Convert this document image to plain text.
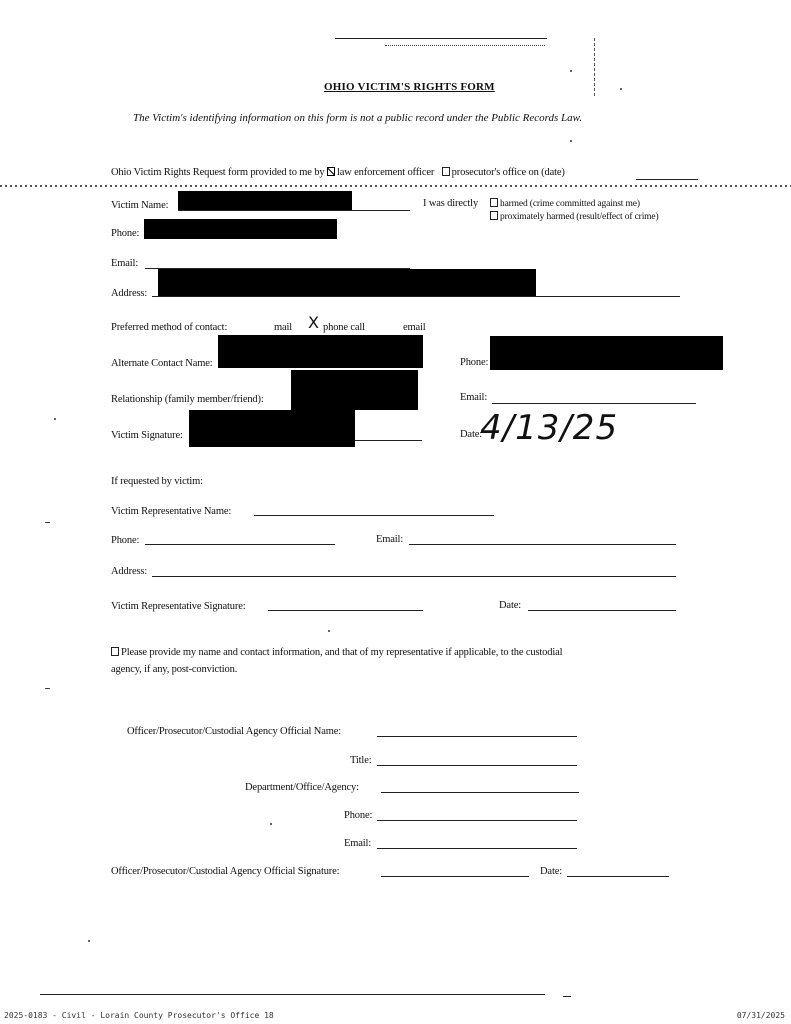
OHIO VICTIM'S RIGHTS FORM
The Victim's identifying information on this form is not a public record under the Public Records Law.
Ohio Victim Rights Request form provided to me by law enforcement officer prosecutor's office on (date)
Victim Name:	I was directly	harmed (crime committed against me)
proximately harmed (result/effect of crime)
Phone:
Email:
Address:
Preferred method of contact:	mail X phone call	email
Alternate Contact Name:	Phone:
Relationship (family member/friend):	Email:
Victim Signature:	Date:
4/13/25
If requested by victim:
Victim Representative Name:
Phone:	Email:
Address:
Victim Representative Signature:	Date:
Please provide my name and contact information, and that of my representative if applicable, to the custodial
agency, if any, post-conviction.
Officer/Prosecutor/Custodial Agency Official Name:
Title:
Department/Office/Agency:
Phone:
Email:
Officer/Prosecutor/Custodial Agency Official Signature:	Date:
2025-0183 - Civil - Lorain County Prosecutor's Office 18	07/31/2025
